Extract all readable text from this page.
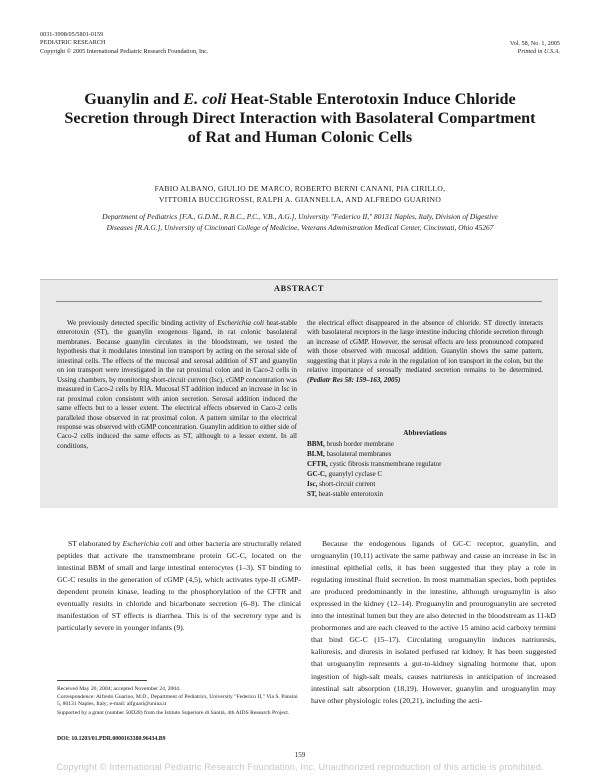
0031-3998/05/5801-0159
PEDIATRIC RESEARCH
Copyright © 2005 International Pediatric Research Foundation, Inc.
Vol. 58, No. 1, 2005
Printed in U.S.A.
Guanylin and E. coli Heat-Stable Enterotoxin Induce Chloride Secretion through Direct Interaction with Basolateral Compartment of Rat and Human Colonic Cells
FABIO ALBANO, GIULIO DE MARCO, ROBERTO BERNI CANANI, PIA CIRILLO,
VITTORIA BUCCIGROSSI, RALPH A. GIANNELLA, AND ALFREDO GUARINO
Department of Pediatrics [F.A., G.D.M., R.B.C., P.C., V.B., A.G.], University "Federico II," 80131 Naples, Italy, Division of Digestive Diseases [R.A.G.], University of Cincinnati College of Medicine, Veterans Administration Medical Center, Cincinnati, Ohio 45267
ABSTRACT
We previously detected specific binding activity of Escherichia coli heat-stable enterotoxin (ST), the guanylin exogenous ligand, in rat colonic basolateral membranes. Because guanylin circulates in the bloodstream, we tested the hypothesis that it modulates intestinal ion transport by acting on the serosal side of intestinal cells. The effects of the mucosal and serosal addition of ST and guanylin on ion transport were investigated in the rat proximal colon and in Caco-2 cells in Ussing chambers, by monitoring short-circuit current (Isc). cGMP concentration was measured in Caco-2 cells by RIA. Mucosal ST addition induced an increase in Isc in rat proximal colon consistent with anion secretion. Serosal addition induced the same effects but to a lesser extent. The electrical effects observed in Caco-2 cells paralleled those observed in rat proximal colon. A pattern similar to the electrical response was observed with cGMP concentration. Guanylin addition to either side of Caco-2 cells induced the same effects as ST, although to a lesser extent. In all conditions,
the electrical effect disappeared in the absence of chloride. ST directly interacts with basolateral receptors in the large intestine inducing chloride secretion through an increase of cGMP. However, the serosal effects are less pronounced compared with those observed with mucosal addition. Guanylin shows the same pattern, suggesting that it plays a role in the regulation of ion transport in the colon, but the relative importance of serosally mediated secretion remains to be determined. (Pediatr Res 58: 159–163, 2005)
Abbreviations
BBM, brush border membrane
BLM, basolateral membranes
CFTR, cystic fibrosis transmembrane regulator
GC-C, guanylyl cyclase C
Isc, short-circuit current
ST, heat-stable enterotoxin
ST elaborated by Escherichia coli and other bacteria are structurally related peptides that activate the transmembrane protein GC-C, located on the intestinal BBM of small and large intestinal enterocytes (1–3). ST binding to GC-C results in the generation of cGMP (4,5), which activates type-II cGMP-dependent protein kinase, leading to the phosphorylation of the CFTR and eventually results in chloride and bicarbonate secretion (6–8). The clinical manifestation of ST effects is diarrhea. This is of the secretory type and is particularly severe in younger infants (9).
Because the endogenous ligands of GC-C receptor, guanylin, and uroguanylin (10,11) activate the same pathway and cause an increase in Isc in intestinal epithelial cells, it has been suggested that they play a role in regulating intestinal fluid secretion. In most mammalian species, both peptides are produced predominantly in the intestine, although uroguanylin is also expressed in the kidney (12–14). Proguanylin and prouroguanylin are secreted into the intestinal lumen but they are also detected in the bloodstream as 11-kD prohormones and are each cleaved to the active 15 amino acid carboxy termini that bind GC-C (15–17). Circulating uroguanylin induces natriuresis, kaliuresis, and diuresis in isolated perfused rat kidney. It has been suggested that uroguanylin represents a gut-to-kidney signaling hormone that, upon ingestion of high-salt meals, causes natriuresis in anticipation of increased intestinal salt absorption (18,19). However, guanylin and uroguanylin may have other physiologic roles (20,21), including the acti-
Received May 20, 2004; accepted November 24, 2004.
Correspondence: Alfredo Guarino, M.D., Department of Pediatrics, University "Federico II," Via S. Pansini 5, 80131 Naples, Italy; e-mail: alfguari@unina.it
Supported by a grant (number 50D28) from the Istituto Superiore di Sanità, 4th AIDS Research Project.
DOI: 10.1203/01.PDR.0000163380.96434.B9
159
Copyright © International Pediatric Research Foundation, Inc. Unauthorized reproduction of this article is prohibited.
